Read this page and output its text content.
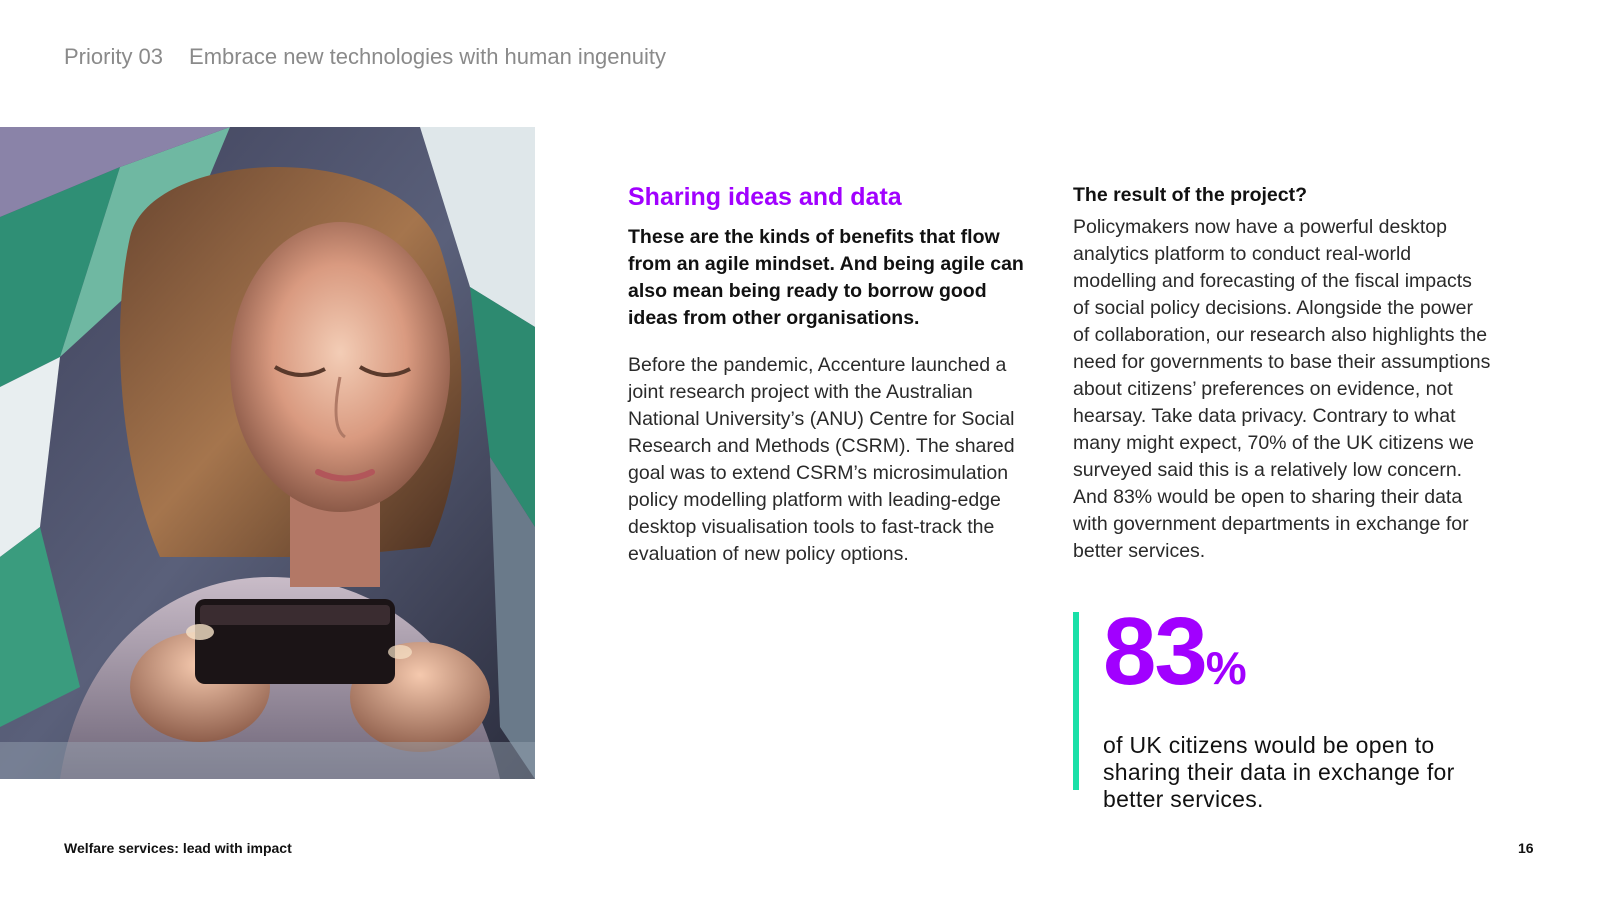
Priority 03 Embrace new technologies with human ingenuity
Sharing ideas and data

These are the kinds of benefits that flow from an agile mindset. And being agile can also mean being ready to borrow good ideas from other organisations.

Before the pandemic, Accenture launched a joint research project with the Australian National University’s (ANU) Centre for Social Research and Methods (CSRM). The shared goal was to extend CSRM’s microsimulation policy modelling platform with leading-edge desktop visualisation tools to fast-track the evaluation of new policy options.

The result of the project?

Policymakers now have a powerful desktop analytics platform to conduct real-world modelling and forecasting of the fiscal impacts of social policy decisions. Alongside the power of collaboration, our research also highlights the need for governments to base their assumptions about citizens’ preferences on evidence, not hearsay. Take data privacy. Contrary to what many might expect, 70% of the UK citizens we surveyed said this is a relatively low concern. And 83% would be open to sharing their data with government departments in exchange for better services.

83%
of UK citizens would be open to sharing their data in exchange for better services.
Welfare services: lead with impact	16
